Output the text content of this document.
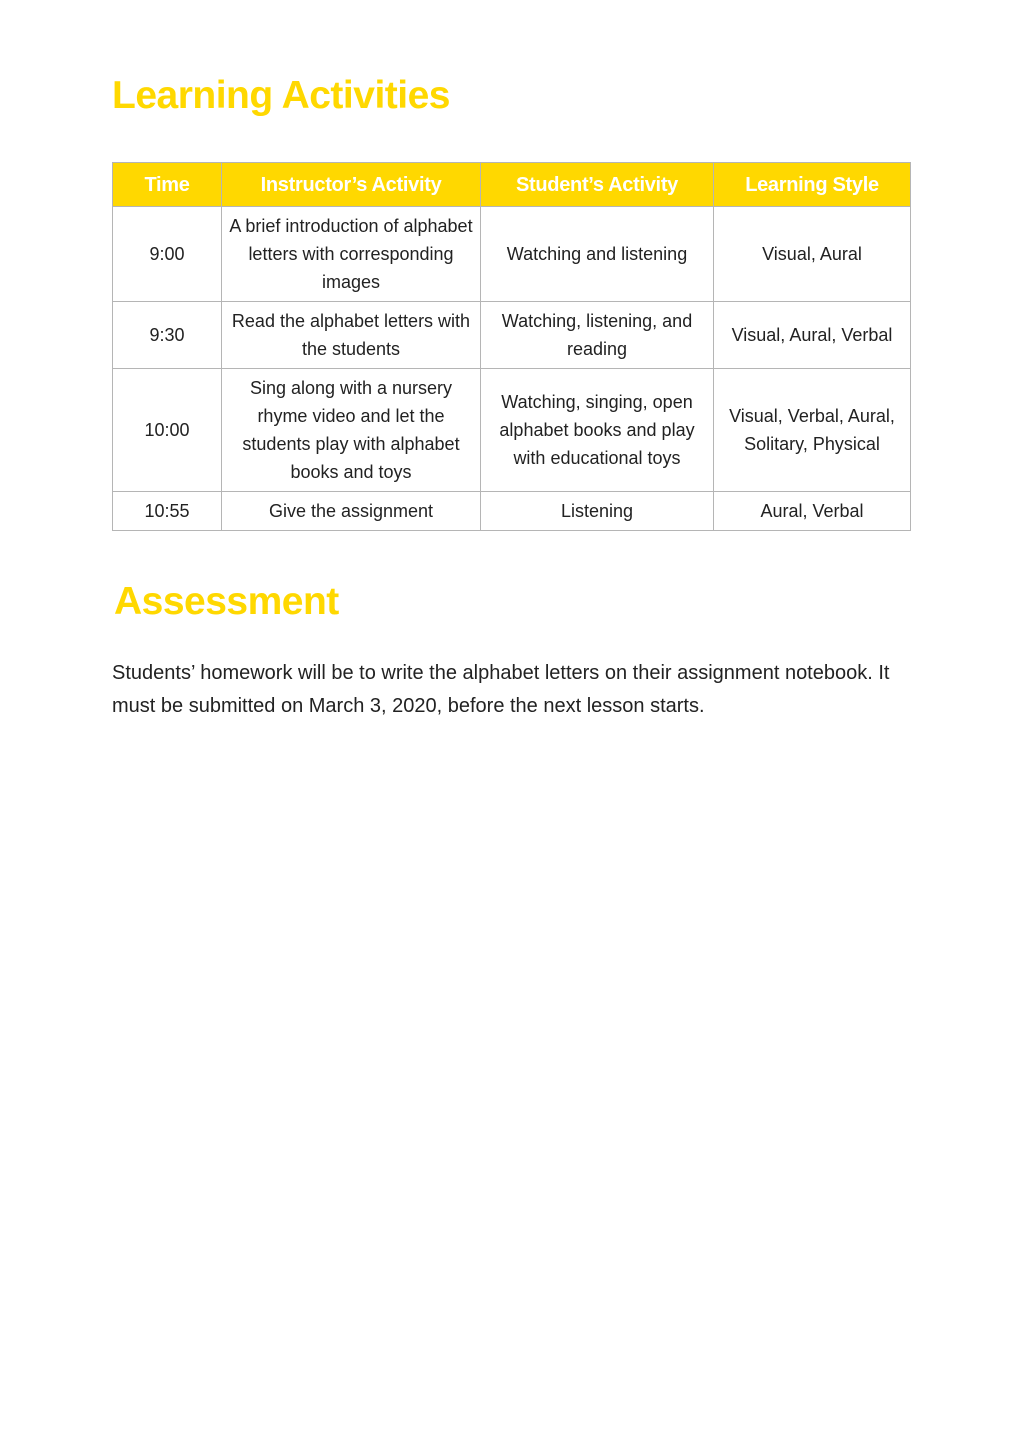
Learning Activities
Time	Instructor’s Activity	Student’s Activity	Learning Style
9:00	A brief introduction of alphabet letters with corresponding images	Watching and listening	Visual, Aural
9:30	Read the alphabet letters with the students	Watching, listening, and reading	Visual, Aural, Verbal
10:00	Sing along with a nursery rhyme video and let the students play with alphabet books and toys	Watching, singing, open alphabet books and play with educational toys	Visual, Verbal, Aural, Solitary, Physical
10:55	Give the assignment	Listening	Aural, Verbal
Assessment

Students’ homework will be to write the alphabet letters on their assignment notebook. It must be submitted on March 3, 2020, before the next lesson starts.
